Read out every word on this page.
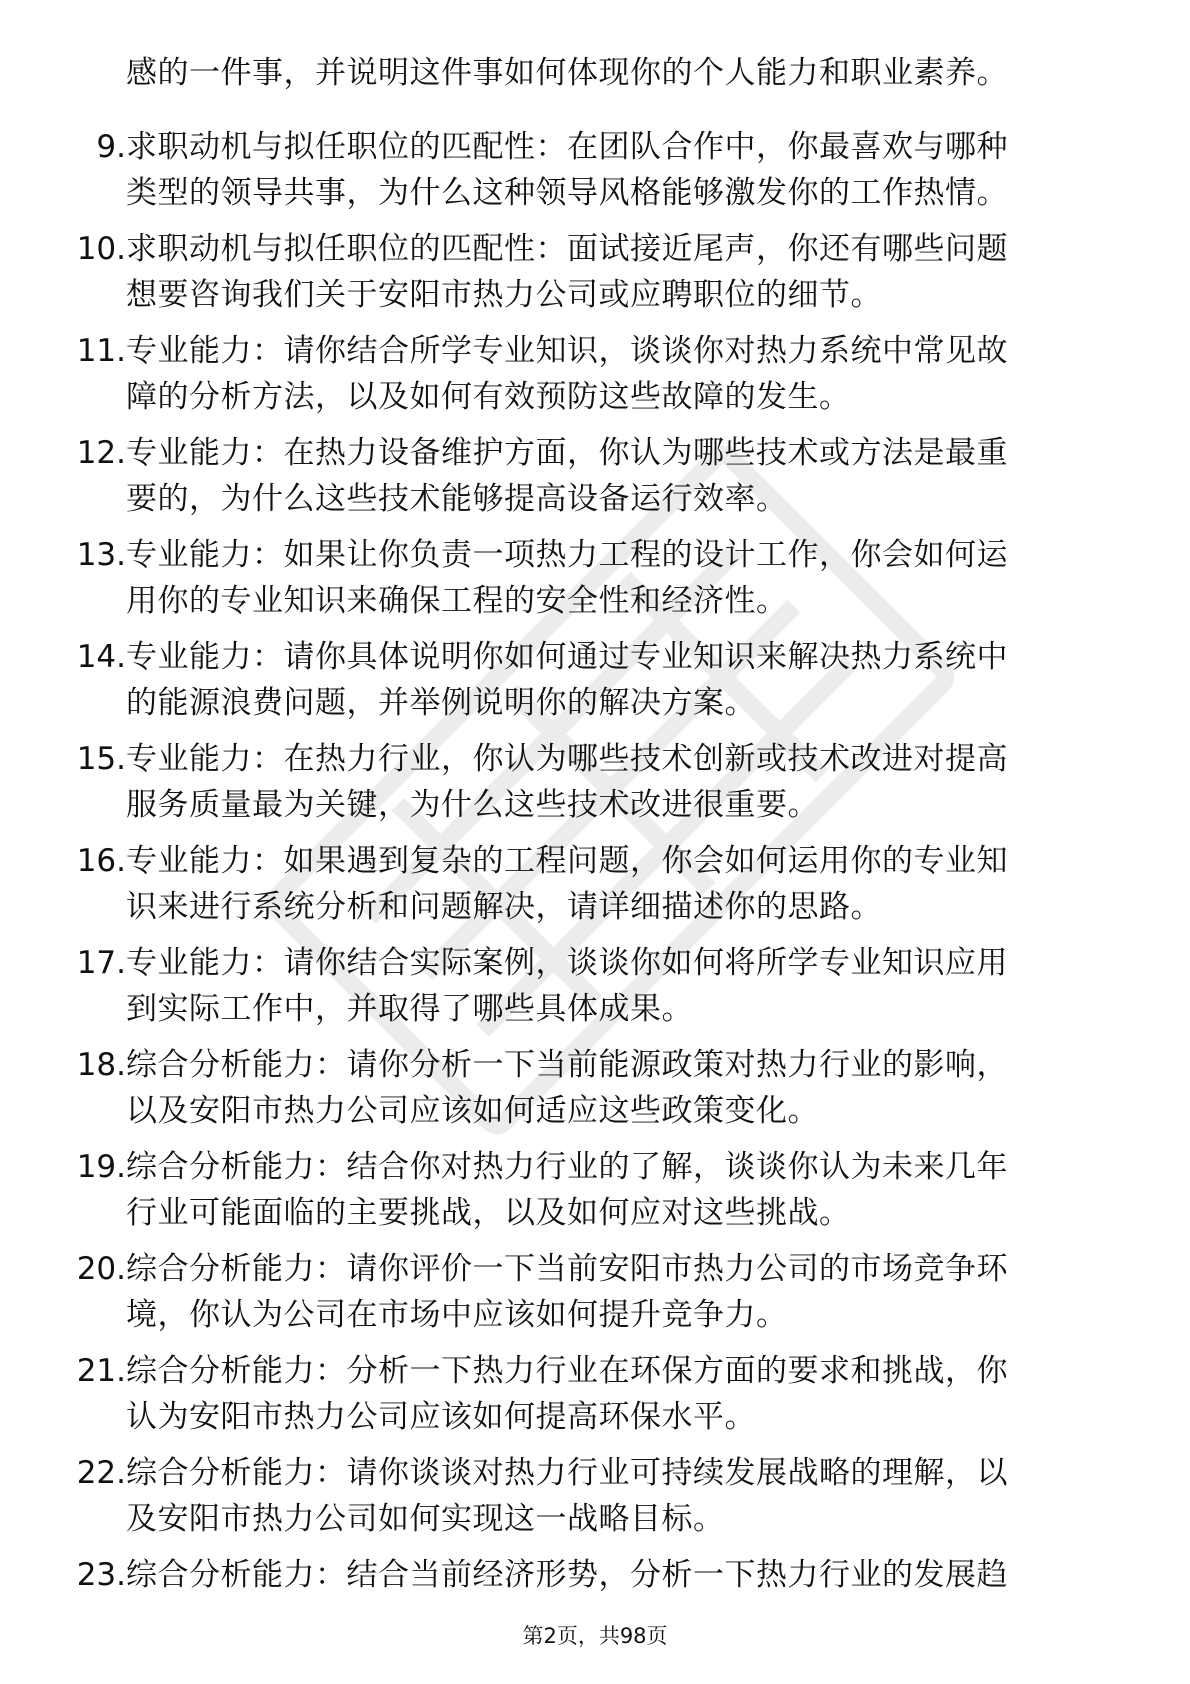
感的一件事，并说明这件事如何体现你的个人能力和职业素养。
9. 求职动机与拟任职位的匹配性：在团队合作中，你最喜欢与哪种
类型的领导共事，为什么这种领导风格能够激发你的工作热情。
10. 求职动机与拟任职位的匹配性：面试接近尾声，你还有哪些问题
想要咨询我们关于安阳市热力公司或应聘职位的细节。
11. 专业能力：请你结合所学专业知识，谈谈你对热力系统中常见故
障的分析方法，以及如何有效预防这些故障的发生。
12. 专业能力：在热力设备维护方面，你认为哪些技术或方法是最重
要的，为什么这些技术能够提高设备运行效率。
13. 专业能力：如果让你负责一项热力工程的设计工作，你会如何运
用你的专业知识来确保工程的安全性和经济性。
14. 专业能力：请你具体说明你如何通过专业知识来解决热力系统中
的能源浪费问题，并举例说明你的解决方案。
15. 专业能力：在热力行业，你认为哪些技术创新或技术改进对提高
服务质量最为关键，为什么这些技术改进很重要。
16. 专业能力：如果遇到复杂的工程问题，你会如何运用你的专业知
识来进行系统分析和问题解决，请详细描述你的思路。
17. 专业能力：请你结合实际案例，谈谈你如何将所学专业知识应用
到实际工作中，并取得了哪些具体成果。
18. 综合分析能力：请你分析一下当前能源政策对热力行业的影响，
以及安阳市热力公司应该如何适应这些政策变化。
19. 综合分析能力：结合你对热力行业的了解，谈谈你认为未来几年
行业可能面临的主要挑战，以及如何应对这些挑战。
20. 综合分析能力：请你评价一下当前安阳市热力公司的市场竞争环
境，你认为公司在市场中应该如何提升竞争力。
21. 综合分析能力：分析一下热力行业在环保方面的要求和挑战，你
认为安阳市热力公司应该如何提高环保水平。
22. 综合分析能力：请你谈谈对热力行业可持续发展战略的理解，以
及安阳市热力公司如何实现这一战略目标。
23. 综合分析能力：结合当前经济形势，分析一下热力行业的发展趋
第2页，共98页
